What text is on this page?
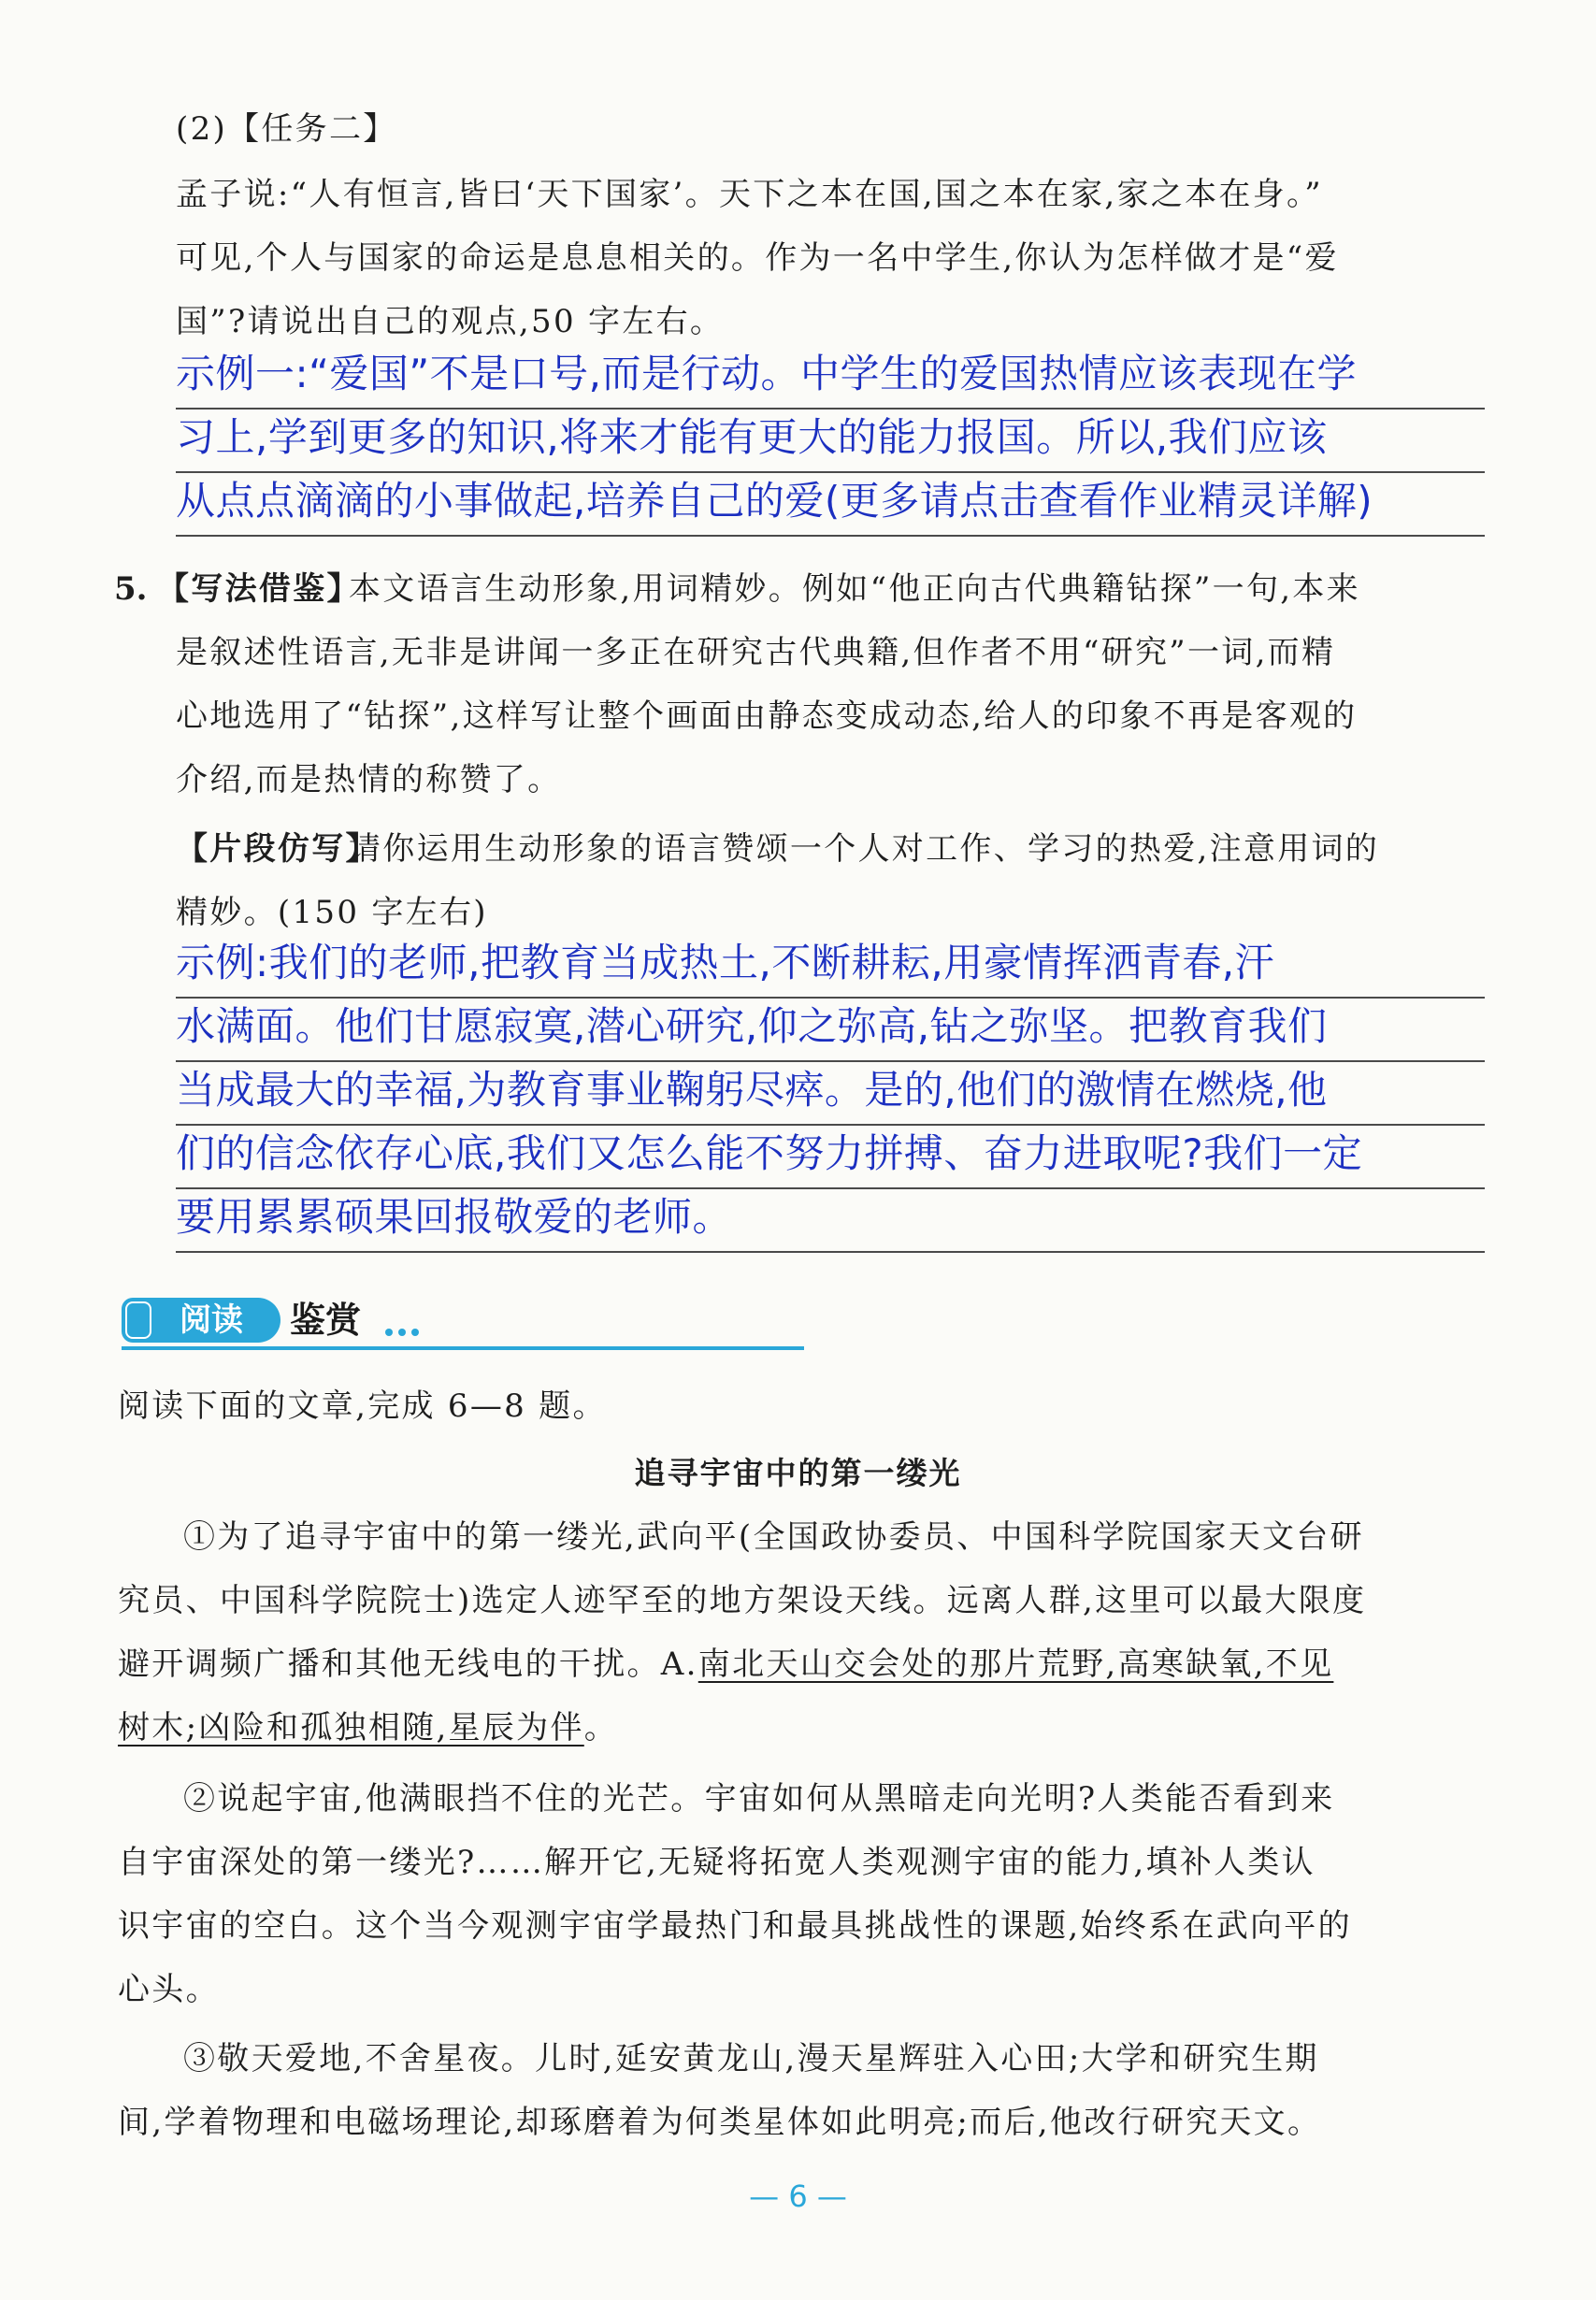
(2)【任务二】
孟子说:“人有恒言,皆曰‘天下国家’。天下之本在国,国之本在家,家之本在身。”
可见,个人与国家的命运是息息相关的。作为一名中学生,你认为怎样做才是“爱
国”?请说出自己的观点,50 字左右。
示例一:“爱国”不是口号,而是行动。中学生的爱国热情应该表现在学
习上,学到更多的知识,将来才能有更大的能力报国。所以,我们应该
从点点滴滴的小事做起,培养自己的爱(更多请点击查看作业精灵详解)
5. 【写法借鉴】
本文语言生动形象,用词精妙。例如“他正向古代典籍钻探”一句,本来
是叙述性语言,无非是讲闻一多正在研究古代典籍,但作者不用“研究”一词,而精
心地选用了“钻探”,这样写让整个画面由静态变成动态,给人的印象不再是客观的
介绍,而是热情的称赞了。
【片段仿写】
请你运用生动形象的语言赞颂一个人对工作、学习的热爱,注意用词的
精妙。(150 字左右)
示例:我们的老师,把教育当成热土,不断耕耘,用豪情挥洒青春,汗
水满面。他们甘愿寂寞,潜心研究,仰之弥高,钻之弥坚。把教育我们
当成最大的幸福,为教育事业鞠躬尽瘁。是的,他们的激情在燃烧,他
们的信念依存心底,我们又怎么能不努力拼搏、奋力进取呢?我们一定
要用累累硕果回报敬爱的老师。
阅读 鉴赏
阅读下面的文章,完成 6—8 题。
追寻宇宙中的第一缕光
①为了追寻宇宙中的第一缕光,武向平(全国政协委员、中国科学院国家天文台研
究员、中国科学院院士)选定人迹罕至的地方架设天线。远离人群,这里可以最大限度
避开调频广播和其他无线电的干扰。A.南北天山交会处的那片荒野,高寒缺氧,不见
树木;凶险和孤独相随,星辰为伴。
②说起宇宙,他满眼挡不住的光芒。宇宙如何从黑暗走向光明?人类能否看到来
自宇宙深处的第一缕光?……解开它,无疑将拓宽人类观测宇宙的能力,填补人类认
识宇宙的空白。这个当今观测宇宙学最热门和最具挑战性的课题,始终系在武向平的
心头。
③敬天爱地,不舍星夜。儿时,延安黄龙山,漫天星辉驻入心田;大学和研究生期
间,学着物理和电磁场理论,却琢磨着为何类星体如此明亮;而后,他改行研究天文。
— 6 —
